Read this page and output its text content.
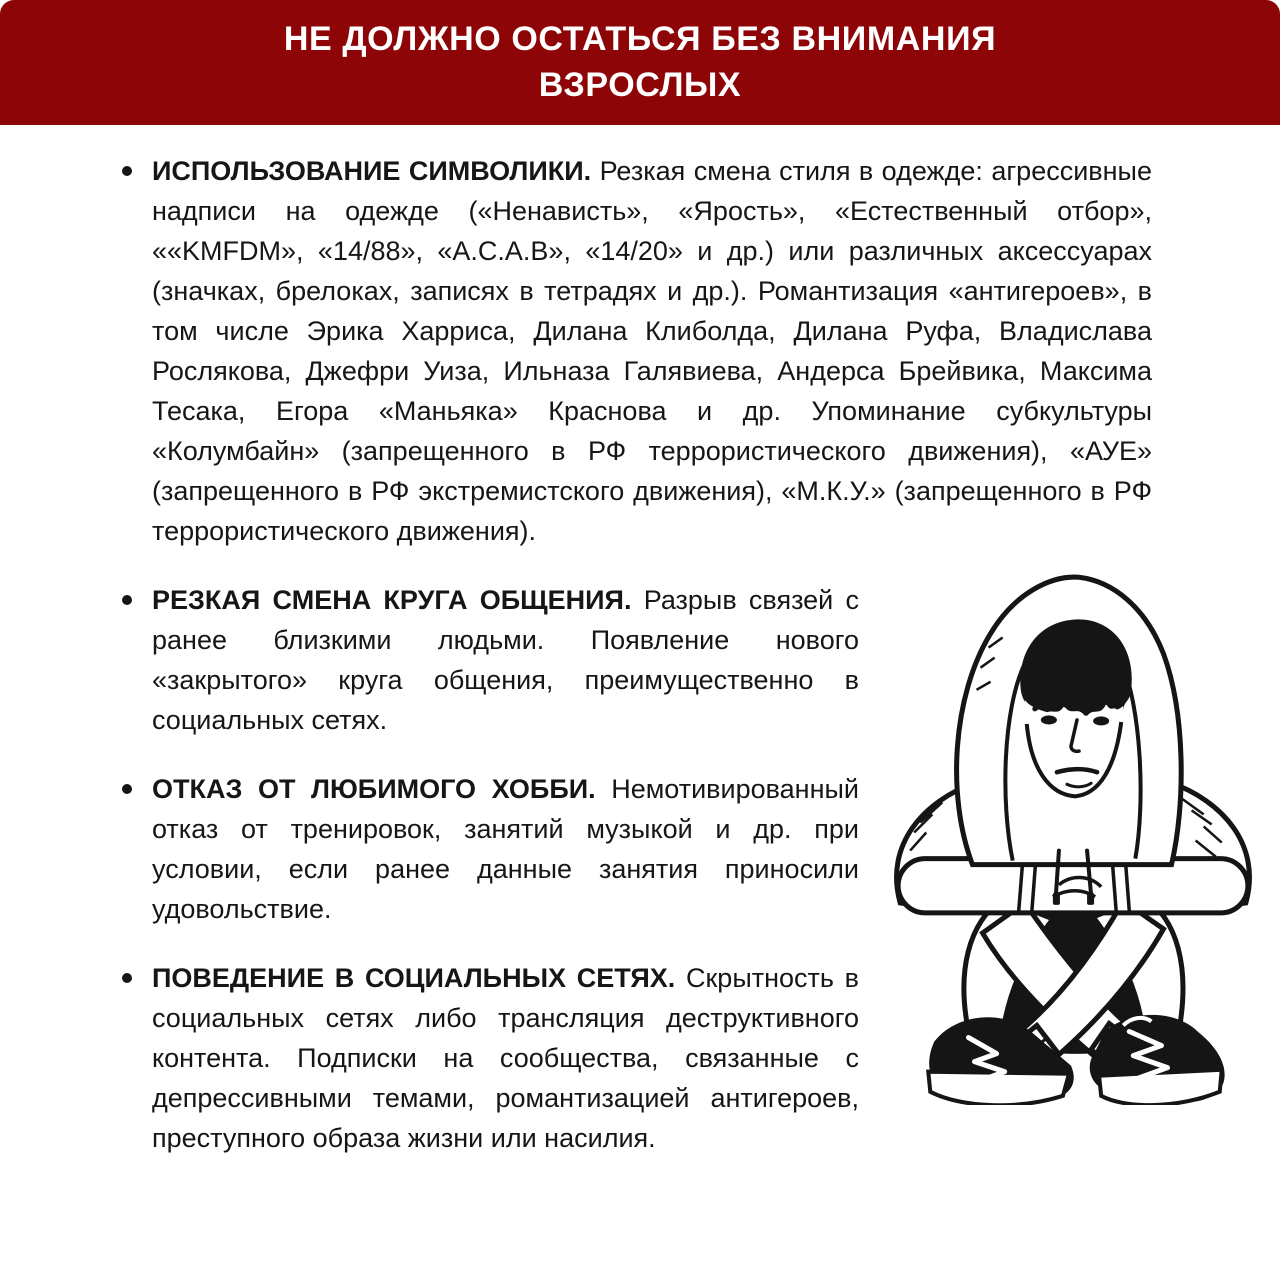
НЕ ДОЛЖНО ОСТАТЬСЯ БЕЗ ВНИМАНИЯ
ВЗРОСЛЫХ
ИСПОЛЬЗОВАНИЕ СИМВОЛИКИ. Резкая смена стиля в одежде: агрессивные надписи на одежде («Ненависть», «Ярость», «Естественный отбор», ««KMFDM», «14/88», «А.С.А.В», «14/20» и др.) или различных аксессуарах (значках, брелоках, записях в тетрадях и др.). Романтизация «антигероев», в том числе Эрика Харриса, Дилана Клиболда, Дилана Руфа, Владислава Рослякова, Джефри Уиза, Ильназа Галявиева, Андерса Брейвика, Максима Тесака, Егора «Маньяка» Краснова и др. Упоминание субкультуры «Колумбайн» (запрещенного в РФ террористического движения), «АУЕ» (запрещенного в РФ экстремистского движения), «М.К.У.» (запрещенного в РФ террористического движения).
РЕЗКАЯ СМЕНА КРУГА ОБЩЕНИЯ. Разрыв связей с ранее близкими людьми. Появление нового «закрытого» круга общения, преимущественно в социальных сетях.
ОТКАЗ ОТ ЛЮБИМОГО ХОББИ. Немотивированный отказ от тренировок, занятий музыкой и др. при условии, если ранее данные занятия приносили удовольствие.
ПОВЕДЕНИЕ В СОЦИАЛЬНЫХ СЕТЯХ. Скрытность в социальных сетях либо трансляция деструктивного контента. Подписки на сообщества, связанные с депрессивными темами, романтизацией антигероев, преступного образа жизни или насилия.
